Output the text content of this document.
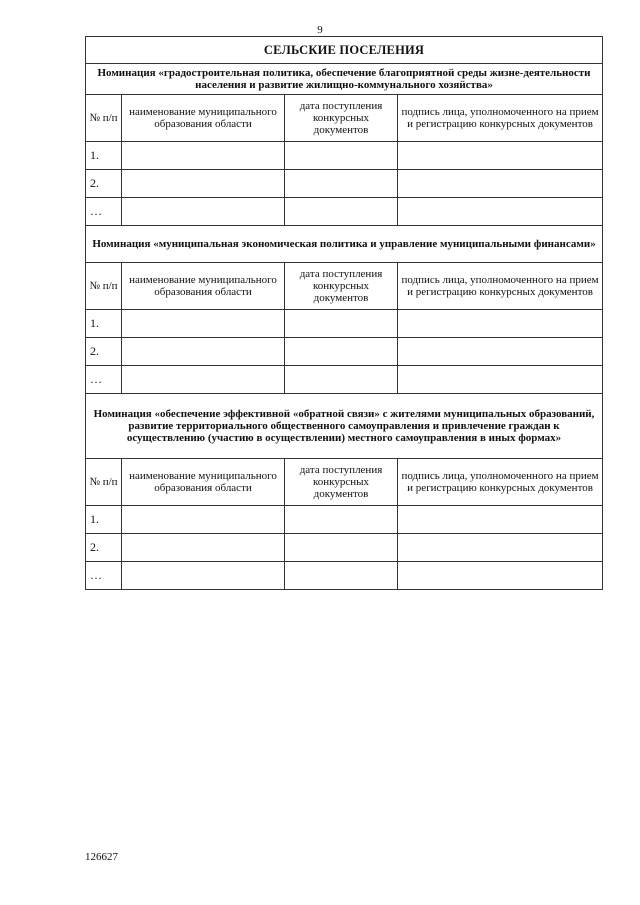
9
СЕЛЬСКИЕ ПОСЕЛЕНИЯ			
Номинация «градостроительная политика, обеспечение благоприятной среды жизне-деятельности населения и развитие жилищно-коммунального хозяйства»			
№ п/п	наименование муниципального образования области	дата поступления конкурсных документов	подпись лица, уполномоченного на прием и регистрацию конкурсных документов
1.			
2.			
…			
Номинация «муниципальная экономическая политика и управление муниципальными финансами»			
№ п/п	наименование муниципального образования области	дата поступления конкурсных документов	подпись лица, уполномоченного на прием и регистрацию конкурсных документов
1.			
2.			
…			
Номинация «обеспечение эффективной «обратной связи» с жителями муниципальных образований, развитие территориального общественного самоуправления и привлечение граждан к осуществлению (участию в осуществлении) местного самоуправления в иных формах»			
№ п/п	наименование муниципального образования области	дата поступления конкурсных документов	подпись лица, уполномоченного на прием и регистрацию конкурсных документов
1.			
2.			
…			
126627
